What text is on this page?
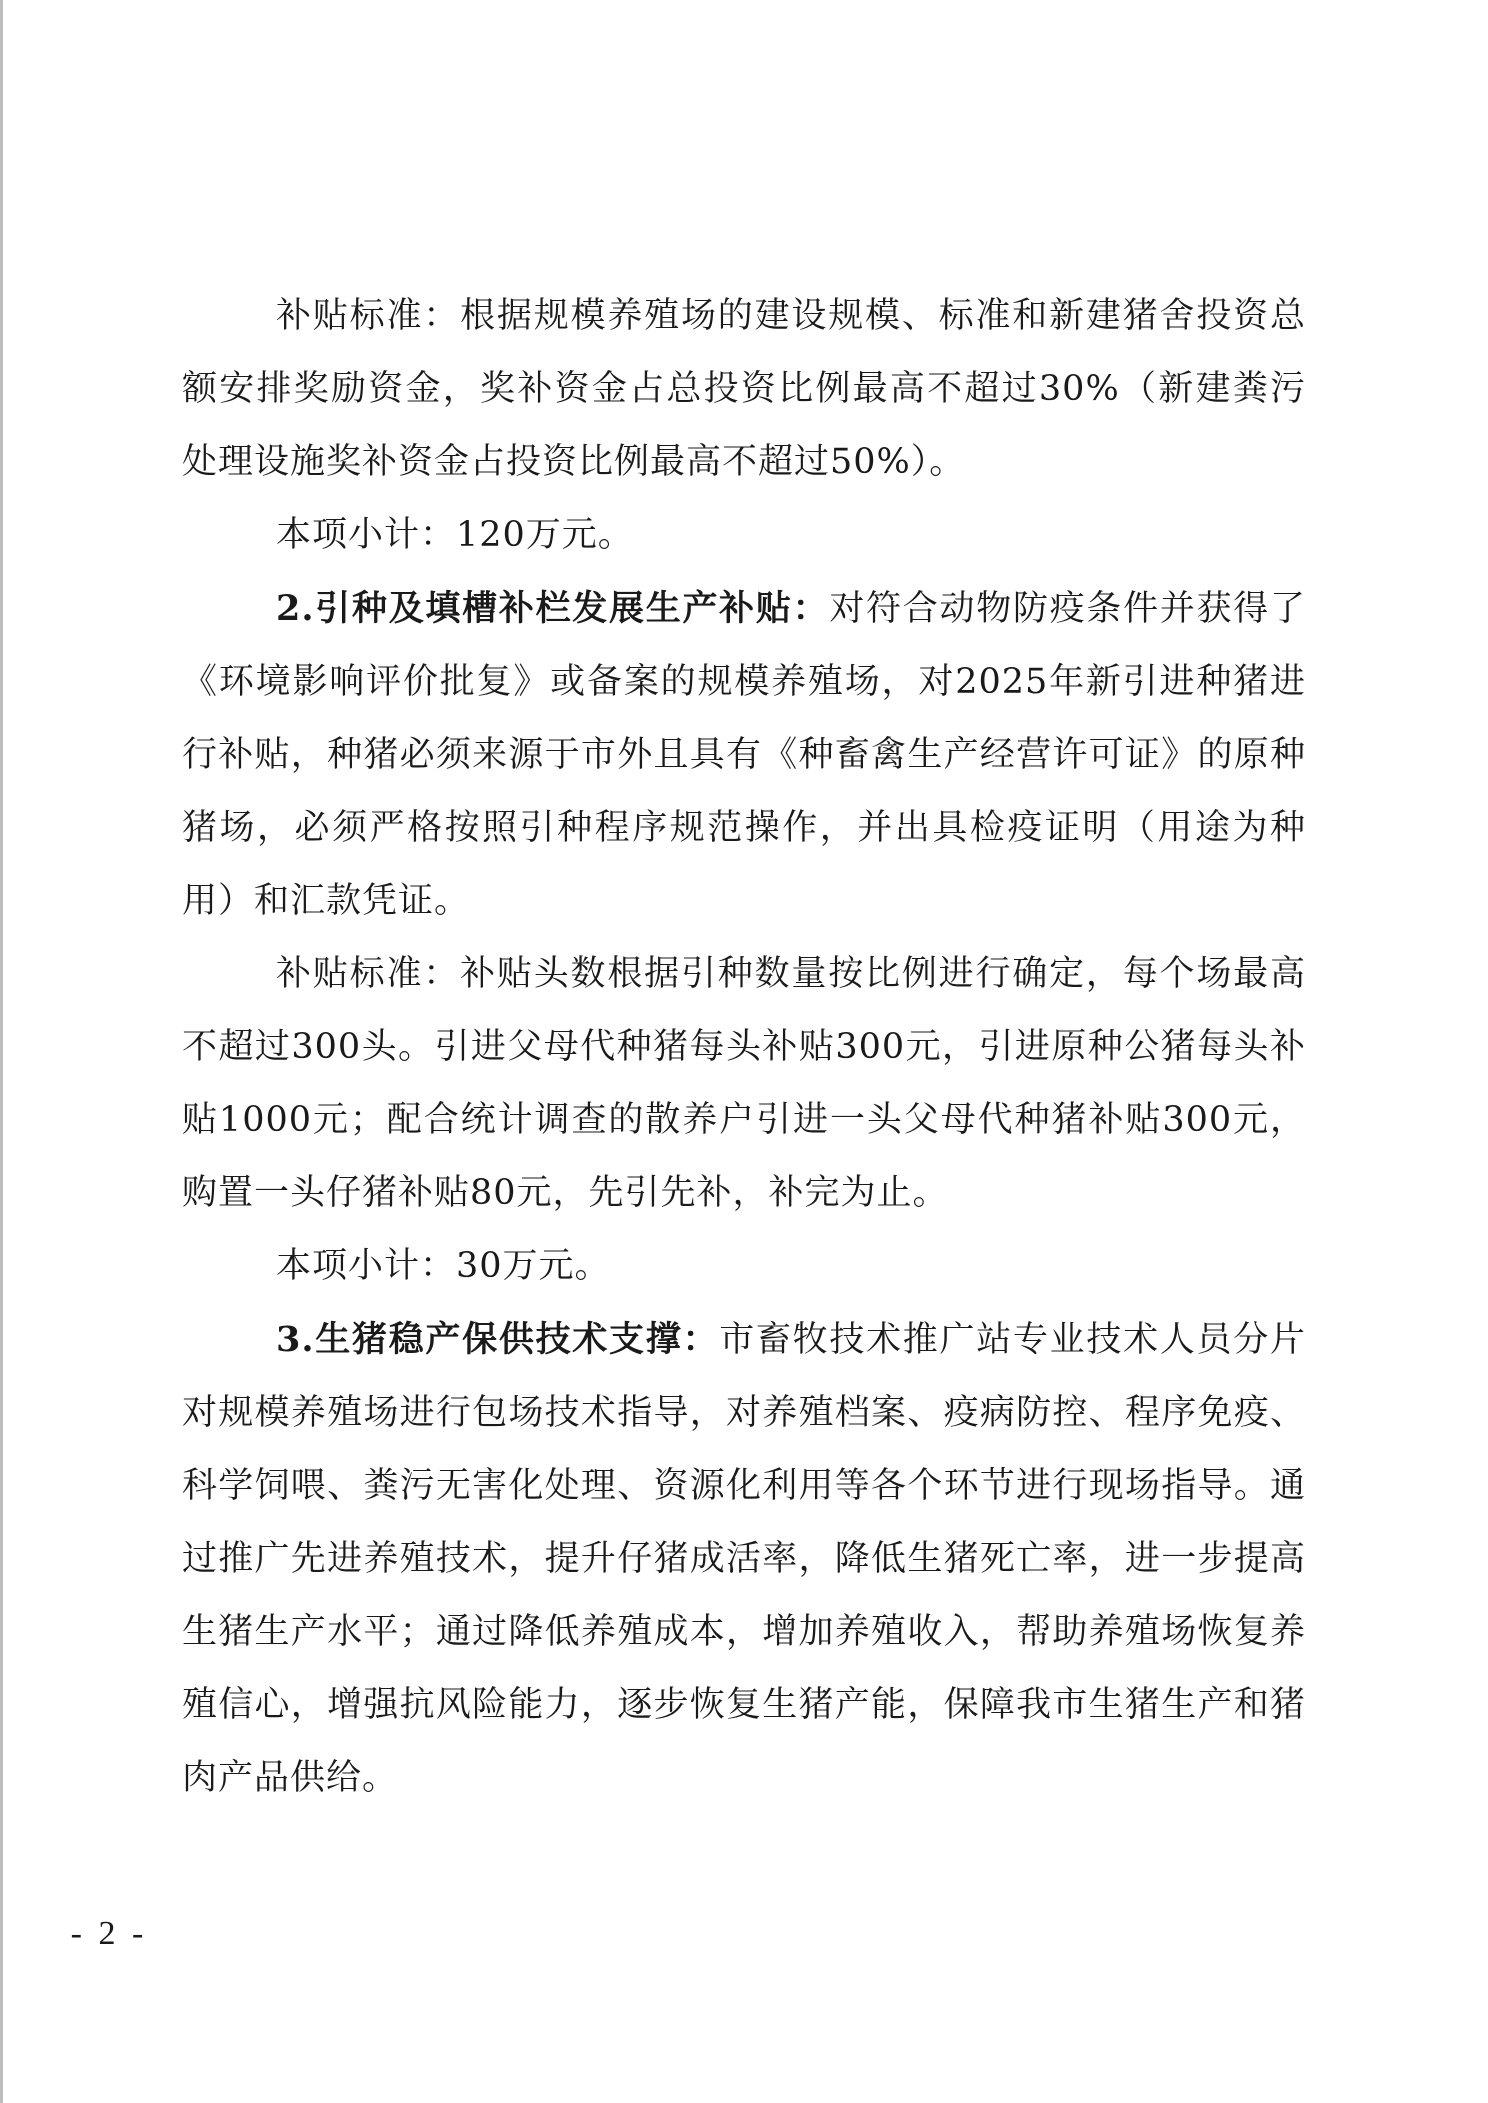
补贴标准：根据规模养殖场的建设规模、标准和新建猪舍投资总额安排奖励资金，奖补资金占总投资比例最高不超过30%（新建粪污处理设施奖补资金占投资比例最高不超过50%）。

本项小计：120万元。

2.引种及填槽补栏发展生产补贴：对符合动物防疫条件并获得了《环境影响评价批复》或备案的规模养殖场，对2025年新引进种猪进行补贴，种猪必须来源于市外且具有《种畜禽生产经营许可证》的原种猪场，必须严格按照引种程序规范操作，并出具检疫证明（用途为种用）和汇款凭证。

补贴标准：补贴头数根据引种数量按比例进行确定，每个场最高不超过300头。引进父母代种猪每头补贴300元，引进原种公猪每头补贴1000元；配合统计调查的散养户引进一头父母代种猪补贴300元，购置一头仔猪补贴80元，先引先补，补完为止。

本项小计：30万元。

3.生猪稳产保供技术支撑：市畜牧技术推广站专业技术人员分片对规模养殖场进行包场技术指导，对养殖档案、疫病防控、程序免疫、科学饲喂、粪污无害化处理、资源化利用等各个环节进行现场指导。通过推广先进养殖技术，提升仔猪成活率，降低生猪死亡率，进一步提高生猪生产水平；通过降低养殖成本，增加养殖收入，帮助养殖场恢复养殖信心，增强抗风险能力，逐步恢复生猪产能，保障我市生猪生产和猪肉产品供给。

- 2 -
